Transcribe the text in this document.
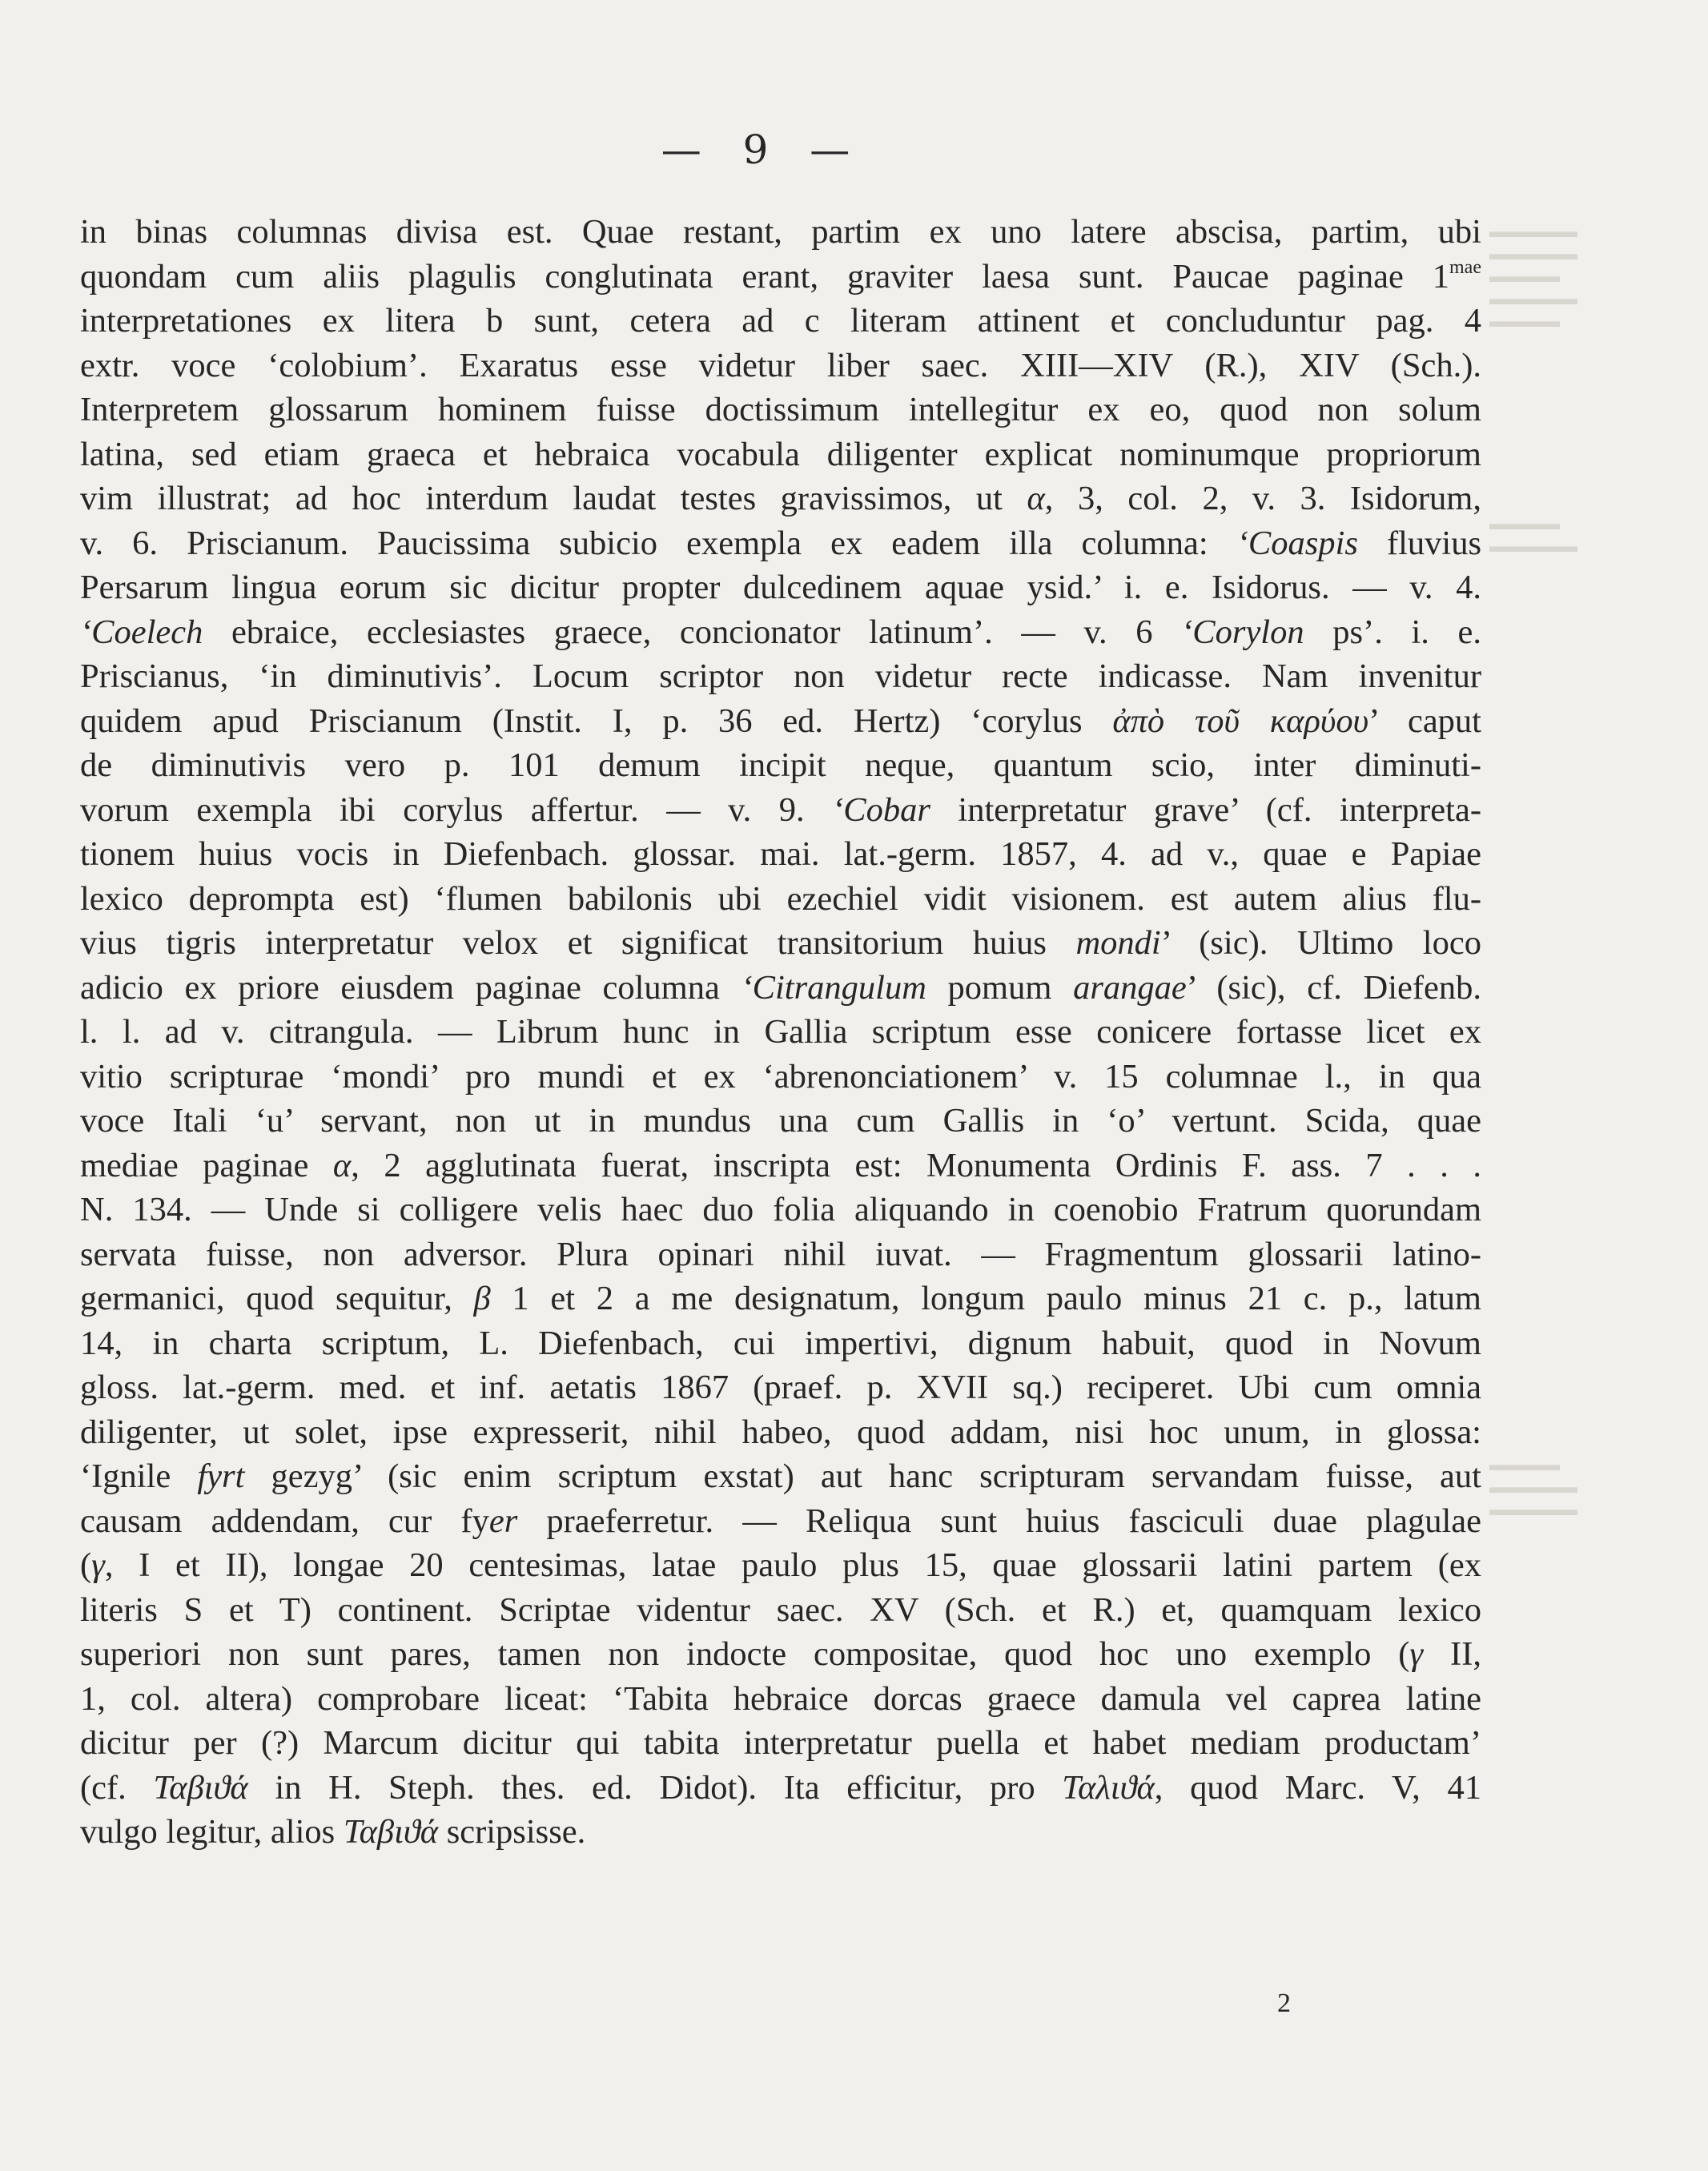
— 9 —
▬▬▬▬▬
▬▬▬▬▬
▬▬▬▬
▬▬▬▬▬
▬▬▬▬
▬▬▬▬
▬▬▬▬▬
▬▬▬▬
▬▬▬▬▬
▬▬▬▬▬
in binas columnas divisa est. Quae restant, partim ex uno latere abscisa, partim, ubi
quondam cum aliis plagulis conglutinata erant, graviter laesa sunt. Paucae paginae $1^{mae}$
interpretationes ex litera b sunt, cetera ad c literam attinent et concluduntur pag. 4
extr. voce ‘colobium’. Exaratus esse videtur liber saec. XIII—XIV (R.), XIV (Sch.).
Interpretem glossarum hominem fuisse doctissimum intellegitur ex eo, quod non solum
latina, sed etiam graeca et hebraica vocabula diligenter explicat nominumque propriorum
vim illustrat; ad hoc interdum laudat testes gravissimos, ut α, 3, col. 2, v. 3. Isidorum,
v. 6. Priscianum. Paucissima subicio exempla ex eadem illa columna: ‘Coaspis fluvius
Persarum lingua eorum sic dicitur propter dulcedinem aquae ysid.’ i. e. Isidorus. — v. 4.
‘Coelech ebraice, ecclesiastes graece, concionator latinum’. — v. 6 ‘Corylon ps’. i. e.
Priscianus, ‘in diminutivis’. Locum scriptor non videtur recte indicasse. Nam invenitur
quidem apud Priscianum (Instit. I, p. 36 ed. Hertz) ‘corylus ἀπὸ τοῦ καρύου’ caput
de diminutivis vero p. 101 demum incipit neque, quantum scio, inter diminuti-
vorum exempla ibi corylus affertur. — v. 9. ‘Cobar interpretatur grave’ (cf. interpreta-
tionem huius vocis in Diefenbach. glossar. mai. lat.-germ. 1857, 4. ad v., quae e Papiae
lexico deprompta est) ‘flumen babilonis ubi ezechiel vidit visionem. est autem alius flu-
vius tigris interpretatur velox et significat transitorium huius mondi’ (sic). Ultimo loco
adicio ex priore eiusdem paginae columna ‘Citrangulum pomum arangae’ (sic), cf. Diefenb.
l. l. ad v. citrangula. — Librum hunc in Gallia scriptum esse conicere fortasse licet ex
vitio scripturae ‘mondi’ pro mundi et ex ‘abrenonciationem’ v. 15 columnae l., in qua
voce Itali ‘u’ servant, non ut in mundus una cum Gallis in ‘o’ vertunt. Scida, quae
mediae paginae α, 2 agglutinata fuerat, inscripta est: Monumenta Ordinis F. ass. 7 . . .
N. 134. — Unde si colligere velis haec duo folia aliquando in coenobio Fratrum quorundam
servata fuisse, non adversor. Plura opinari nihil iuvat. — Fragmentum glossarii latino-
germanici, quod sequitur, β 1 et 2 a me designatum, longum paulo minus 21 c. p., latum
14, in charta scriptum, L. Diefenbach, cui impertivi, dignum habuit, quod in Novum
gloss. lat.-germ. med. et inf. aetatis 1867 (praef. p. XVII sq.) reciperet. Ubi cum omnia
diligenter, ut solet, ipse expresserit, nihil habeo, quod addam, nisi hoc unum, in glossa:
‘Ignile fyrt gezyg’ (sic enim scriptum exstat) aut hanc scripturam servandam fuisse, aut
causam addendam, cur fyer praeferretur. — Reliqua sunt huius fasciculi duae plagulae
(γ, I et II), longae 20 centesimas, latae paulo plus 15, quae glossarii latini partem (ex
literis S et T) continent. Scriptae videntur saec. XV (Sch. et R.) et, quamquam lexico
superiori non sunt pares, tamen non indocte compositae, quod hoc uno exemplo (γ II,
1, col. altera) comprobare liceat: ‘Tabita hebraice dorcas graece damula vel caprea latine
dicitur per (?) Marcum dicitur qui tabita interpretatur puella et habet mediam productam’
(cf. Ταβιϑά in H. Steph. thes. ed. Didot). Ita efficitur, pro Ταλιϑά, quod Marc. V, 41
vulgo legitur, alios Ταβιϑά scripsisse.
2
